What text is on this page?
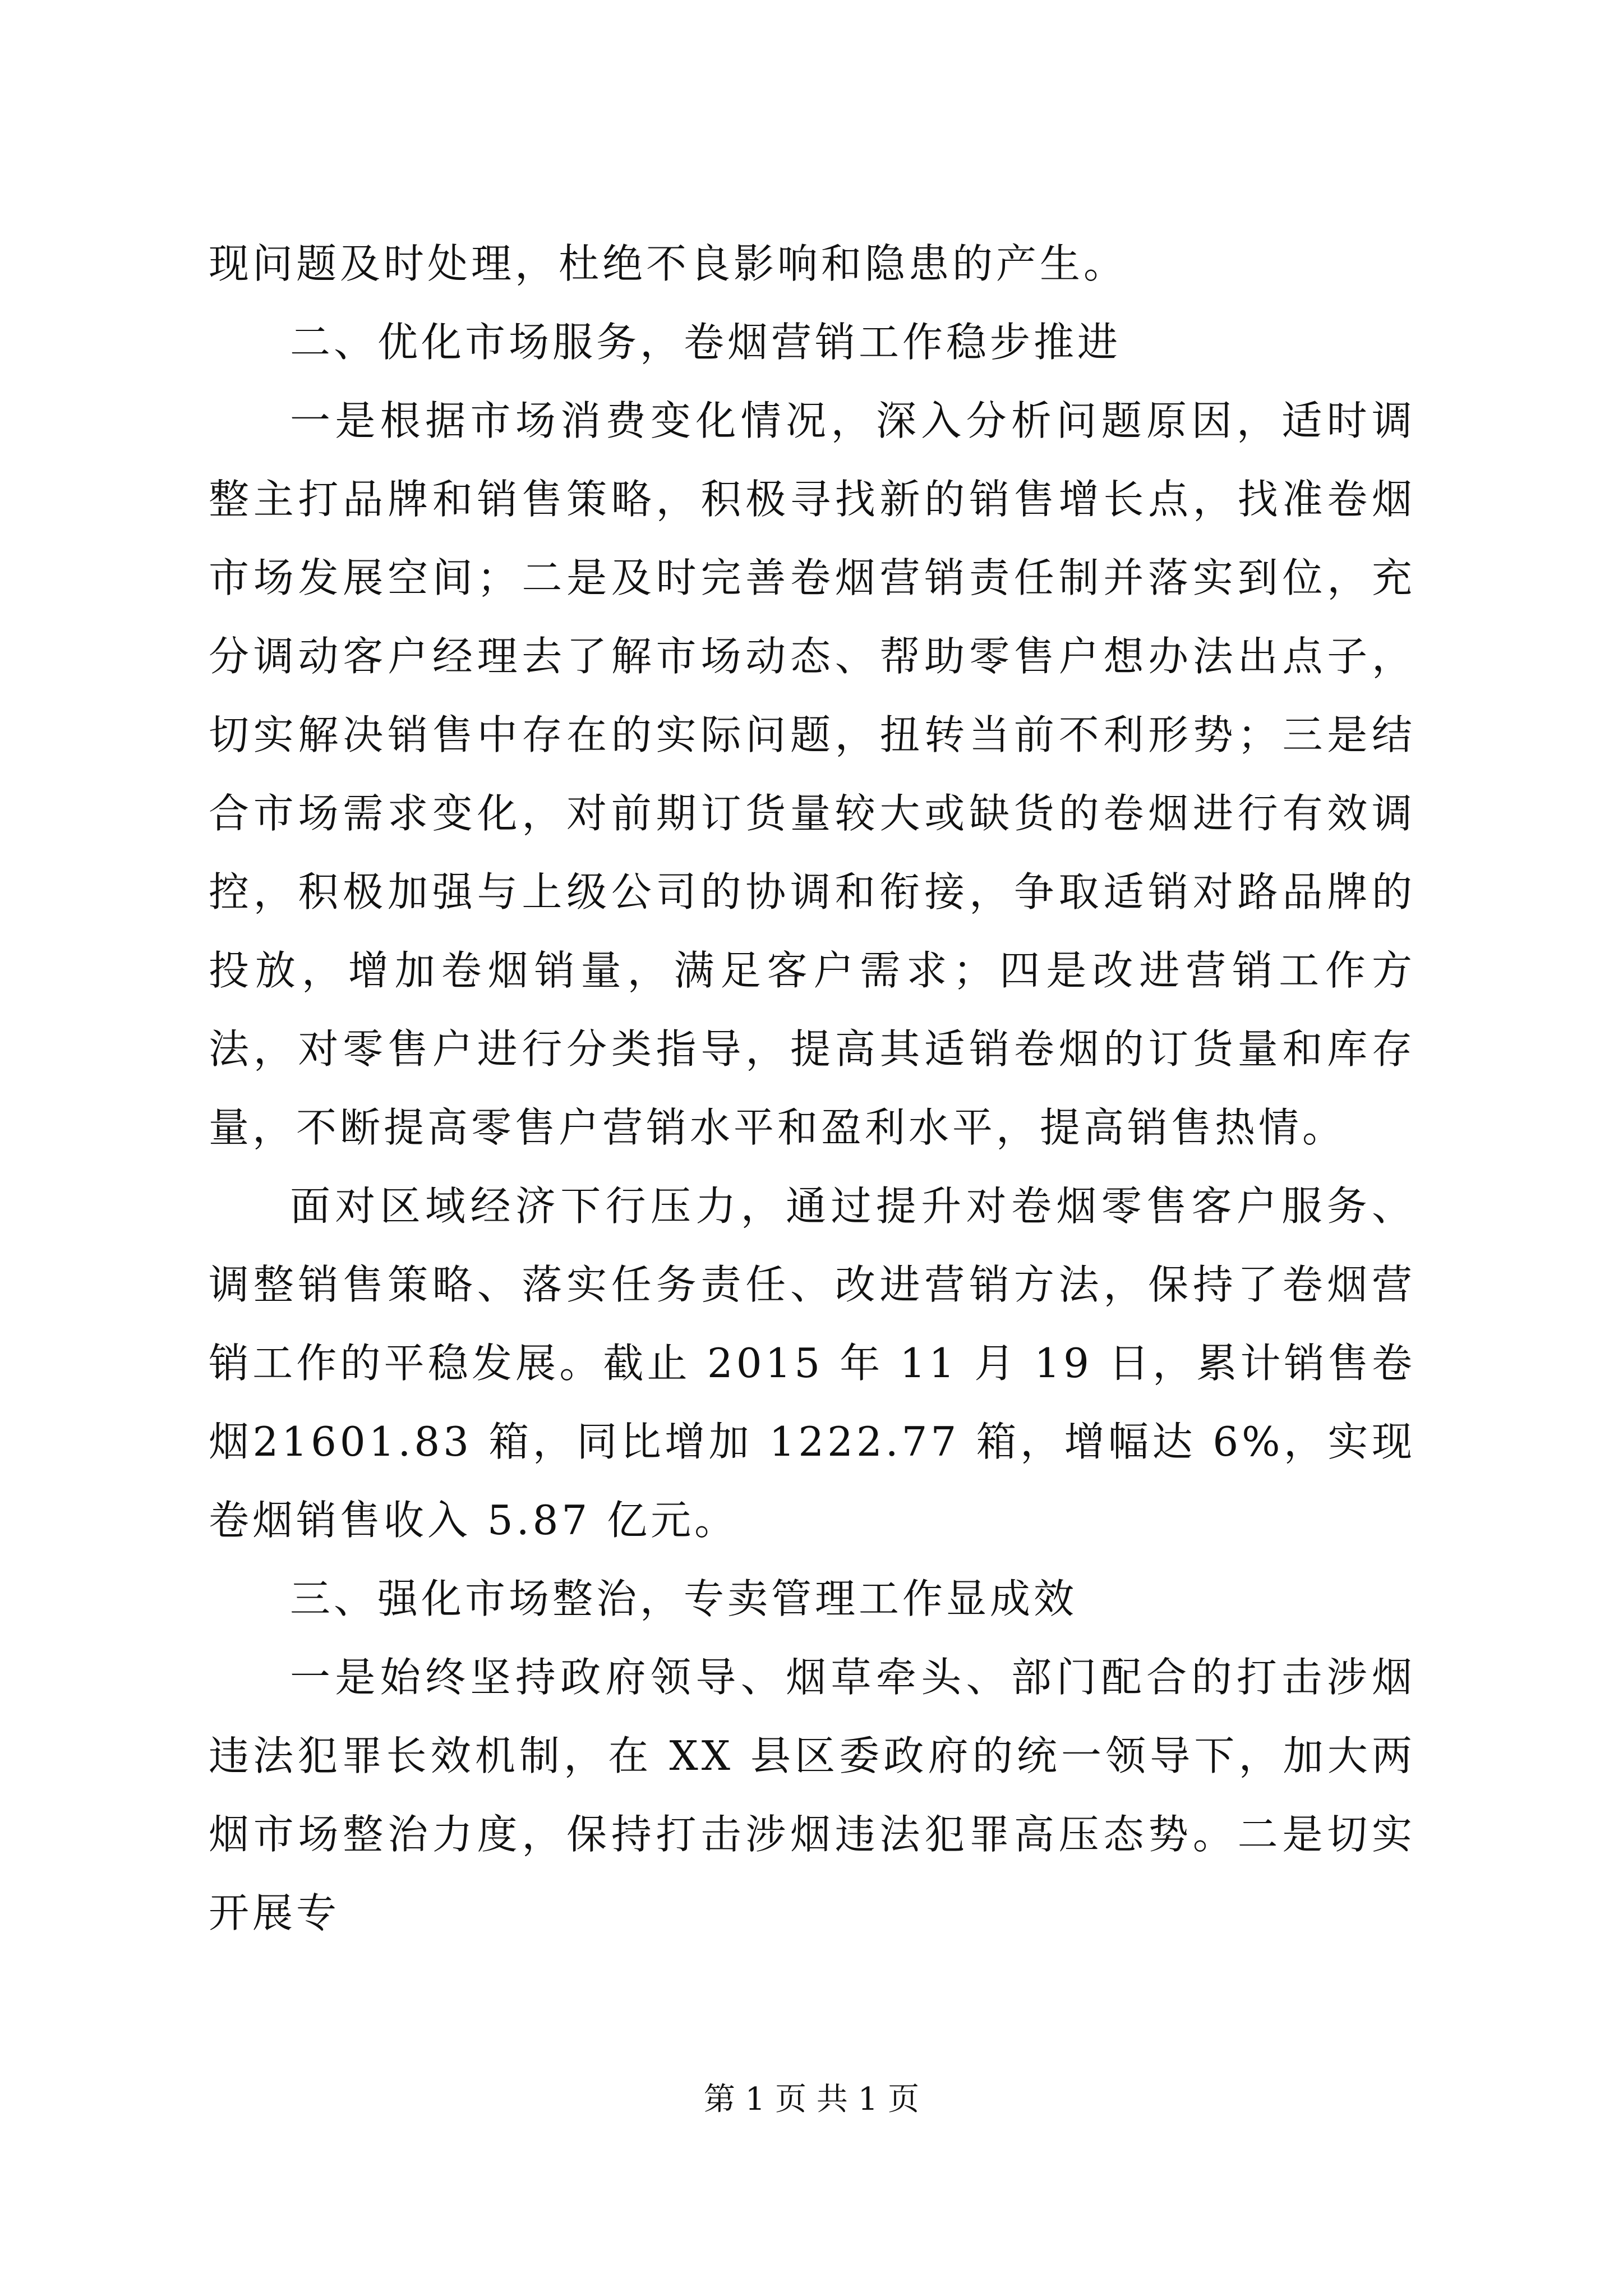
现问题及时处理，杜绝不良影响和隐患的产生。

二、优化市场服务，卷烟营销工作稳步推进

一是根据市场消费变化情况，深入分析问题原因，适时调整主打品牌和销售策略，积极寻找新的销售增长点，找准卷烟市场发展空间；二是及时完善卷烟营销责任制并落实到位，充分调动客户经理去了解市场动态、帮助零售户想办法出点子，切实解决销售中存在的实际问题，扭转当前不利形势；三是结合市场需求变化，对前期订货量较大或缺货的卷烟进行有效调控，积极加强与上级公司的协调和衔接，争取适销对路品牌的投放，增加卷烟销量，满足客户需求；四是改进营销工作方法，对零售户进行分类指导，提高其适销卷烟的订货量和库存量，不断提高零售户营销水平和盈利水平，提高销售热情。

面对区域经济下行压力，通过提升对卷烟零售客户服务、调整销售策略、落实任务责任、改进营销方法，保持了卷烟营销工作的平稳发展。截止 2015 年 11 月 19 日，累计销售卷烟21601.83 箱，同比增加 1222.77 箱，增幅达 6%，实现卷烟销售收入 5.87 亿元。

三、强化市场整治，专卖管理工作显成效

一是始终坚持政府领导、烟草牵头、部门配合的打击涉烟违法犯罪长效机制，在 XX 县区委政府的统一领导下，加大两烟市场整治力度，保持打击涉烟违法犯罪高压态势。二是切实开展专

第 1 页 共 1 页
